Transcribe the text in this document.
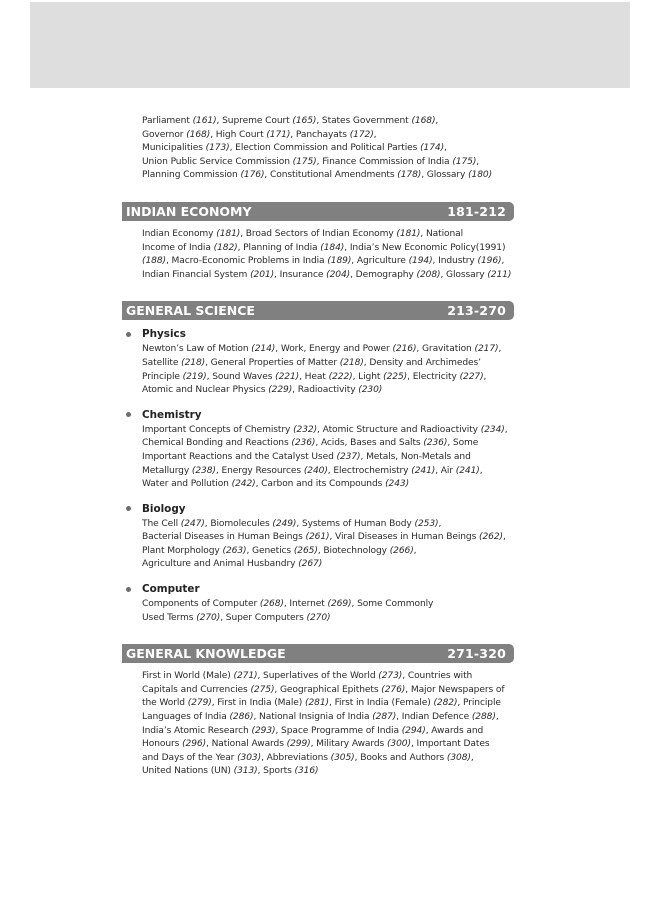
Parliament (161), Supreme Court (165), States Government (168),
Governor (168), High Court (171), Panchayats (172),
Municipalities (173), Election Commission and Political Parties (174),
Union Public Service Commission (175), Finance Commission of India (175),
Planning Commission (176), Constitutional Amendments (178), Glossary (180)
INDIAN ECONOMY	181-212
Indian Economy (181), Broad Sectors of Indian Economy (181), National
Income of India (182), Planning of India (184), India’s New Economic Policy(1991)
(188), Macro-Economic Problems in India (189), Agriculture (194), Industry (196),
Indian Financial System (201), Insurance (204), Demography (208), Glossary (211)
GENERAL SCIENCE	213-270
Physics
Newton’s Law of Motion (214), Work, Energy and Power (216), Gravitation (217),
Satellite (218), General Properties of Matter (218), Density and Archimedes’
Principle (219), Sound Waves (221), Heat (222), Light (225), Electricity (227),
Atomic and Nuclear Physics (229), Radioactivity (230)
Chemistry
Important Concepts of Chemistry (232), Atomic Structure and Radioactivity (234),
Chemical Bonding and Reactions (236), Acids, Bases and Salts (236), Some
Important Reactions and the Catalyst Used (237), Metals, Non-Metals and
Metallurgy (238), Energy Resources (240), Electrochemistry (241), Air (241),
Water and Pollution (242), Carbon and its Compounds (243)
Biology
The Cell (247), Biomolecules (249), Systems of Human Body (253),
Bacterial Diseases in Human Beings (261), Viral Diseases in Human Beings (262),
Plant Morphology (263), Genetics (265), Biotechnology (266),
Agriculture and Animal Husbandry (267)
Computer
Components of Computer (268), Internet (269), Some Commonly
Used Terms (270), Super Computers (270)
GENERAL KNOWLEDGE	271-320
First in World (Male) (271), Superlatives of the World (273), Countries with
Capitals and Currencies (275), Geographical Epithets (276), Major Newspapers of
the World (279), First in India (Male) (281), First in India (Female) (282), Principle
Languages of India (286), National Insignia of India (287), Indian Defence (288),
India’s Atomic Research (293), Space Programme of India (294), Awards and
Honours (296), National Awards (299), Military Awards (300), Important Dates
and Days of the Year (303), Abbreviations (305), Books and Authors (308),
United Nations (UN) (313), Sports (316)
